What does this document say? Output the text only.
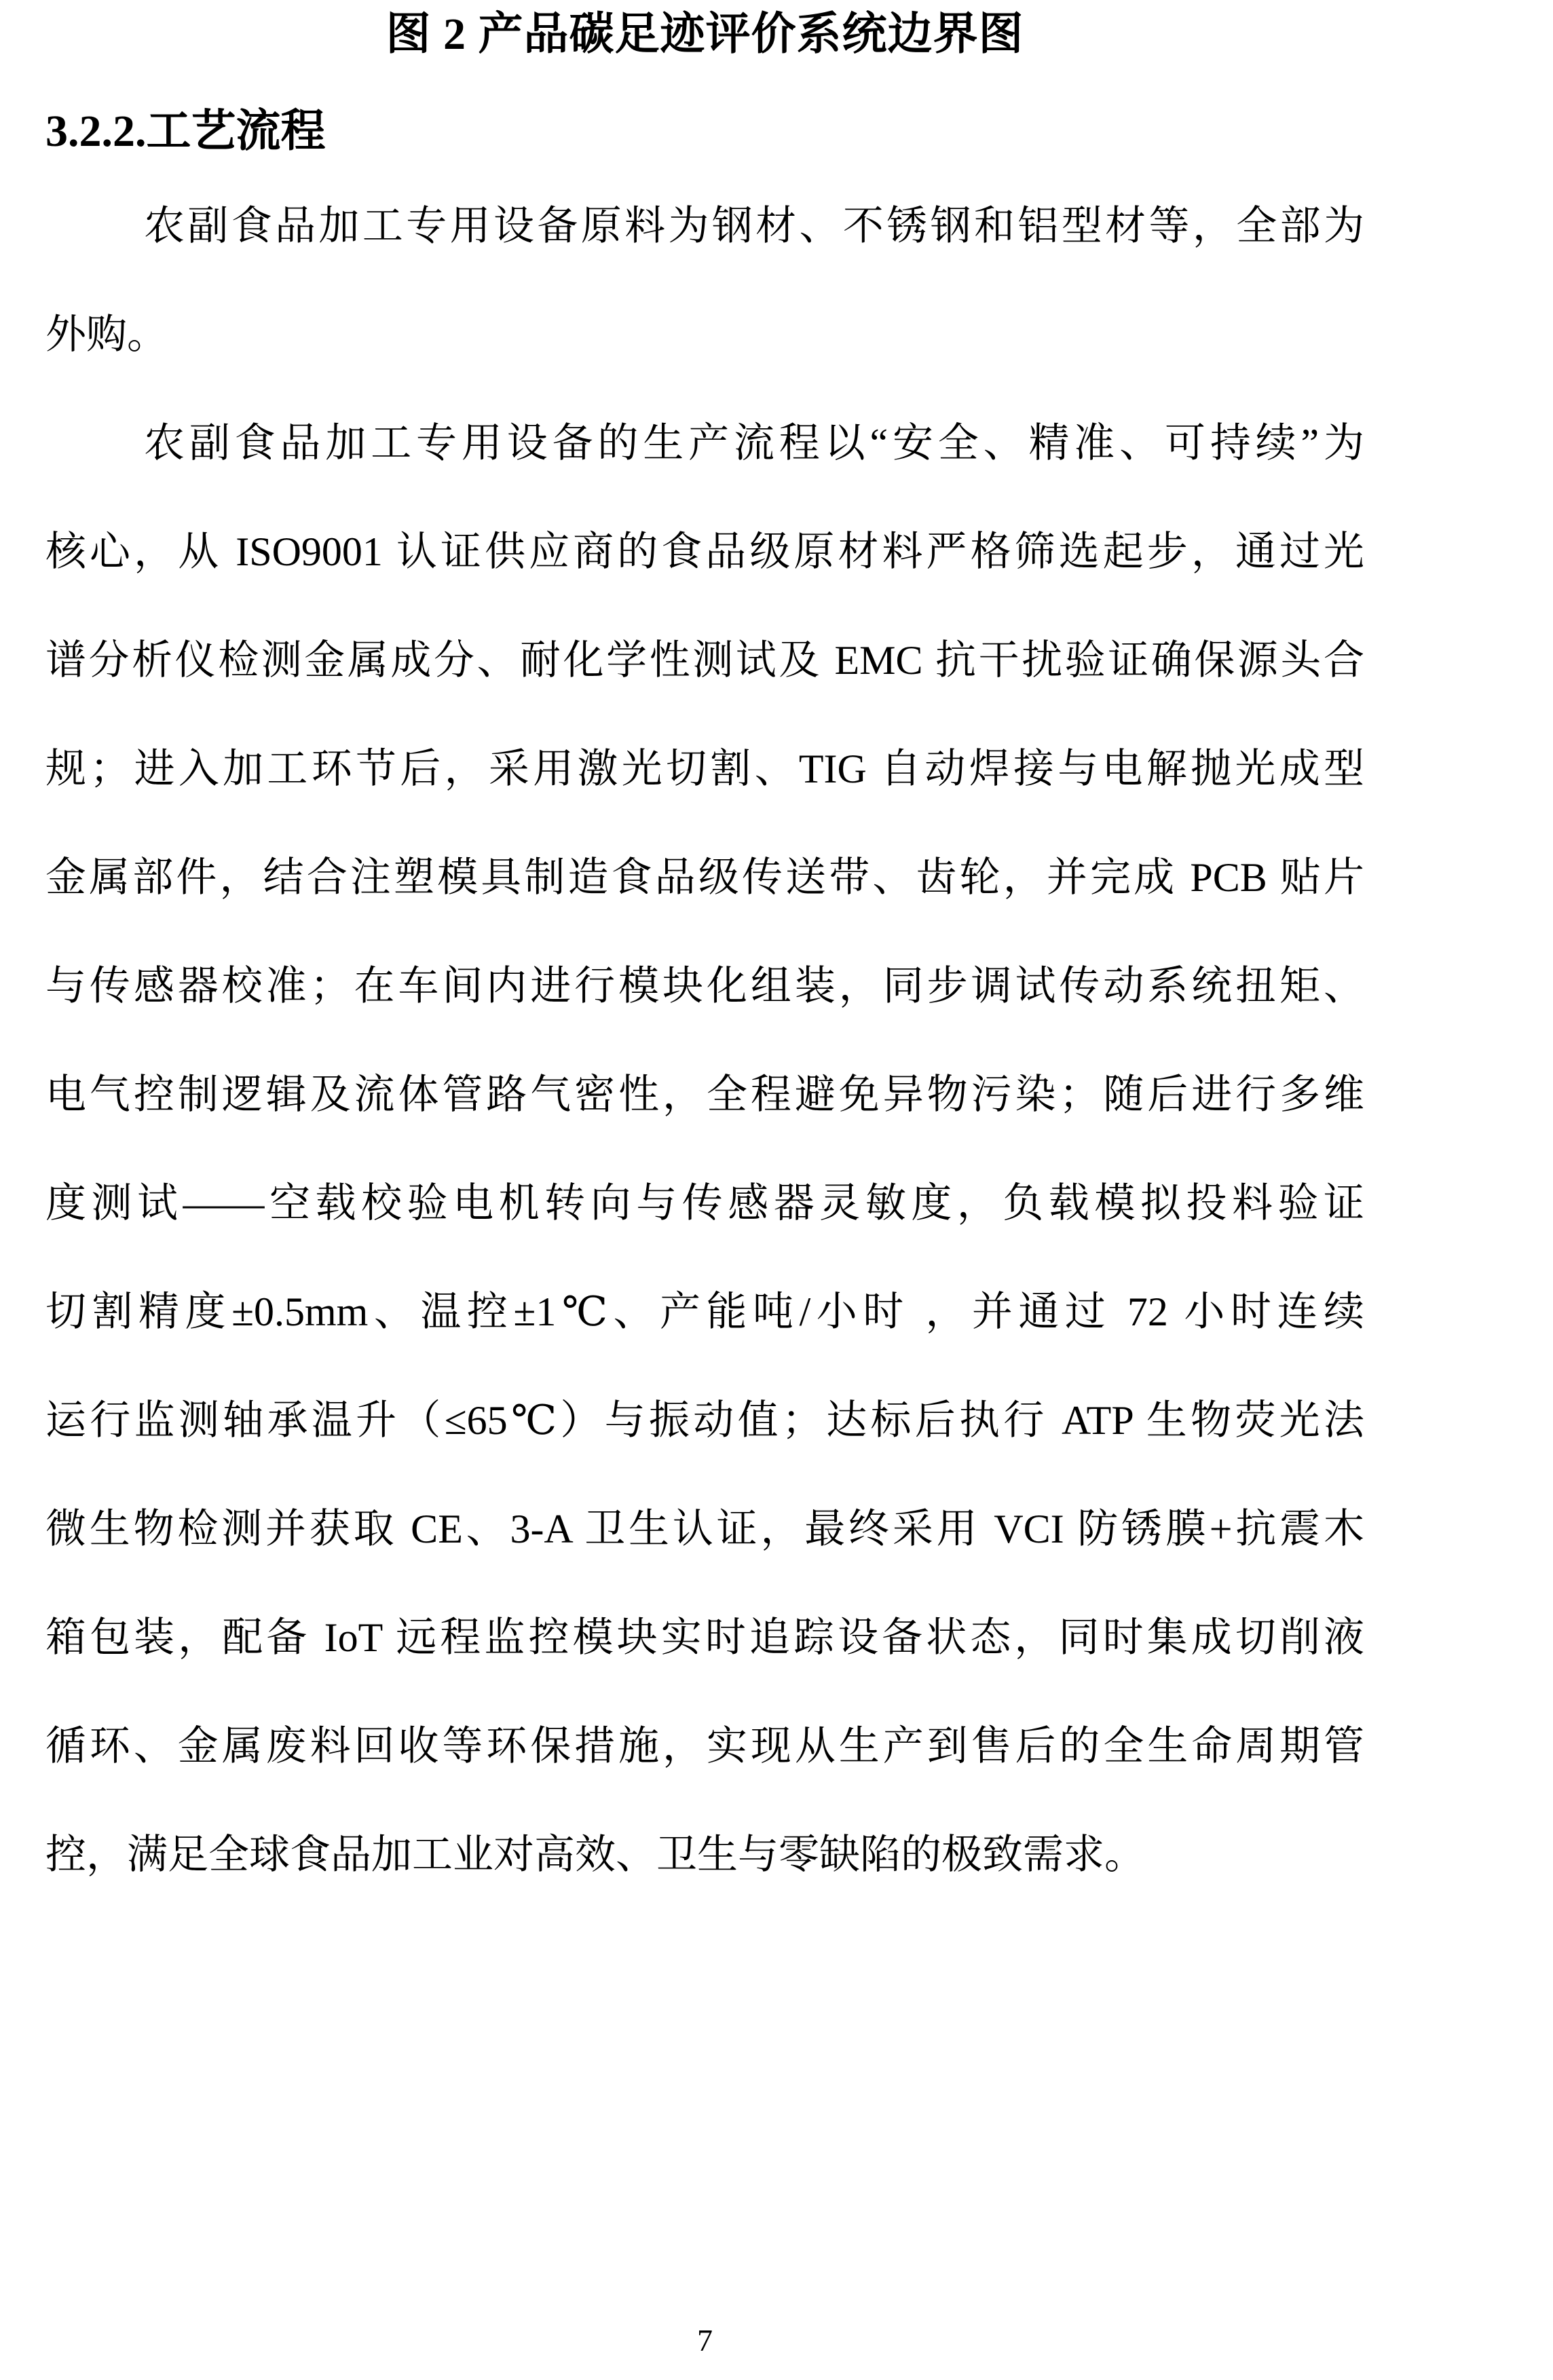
图 2 产品碳足迹评价系统边界图
3.2.2.工艺流程
农副食品加工专用设备原料为钢材、不锈钢和铝型材等，全部为
外购。
农副食品加工专用设备的生产流程以“安全、精准、可持续”为
核心，从 ISO9001 认证供应商的食品级原材料严格筛选起步，通过光
谱分析仪检测金属成分、耐化学性测试及 EMC 抗干扰验证确保源头合
规；进入加工环节后，采用激光切割、TIG 自动焊接与电解抛光成型
金属部件，结合注塑模具制造食品级传送带、齿轮，并完成 PCB 贴片
与传感器校准；在车间内进行模块化组装，同步调试传动系统扭矩、
电气控制逻辑及流体管路气密性，全程避免异物污染；随后进行多维
度测试——空载校验电机转向与传感器灵敏度，负载模拟投料验证
切割精度±0.5mm、温控±1℃、产能吨/小时 ，并通过 72 小时连续
运行监测轴承温升（≤65℃）与振动值；达标后执行 ATP 生物荧光法
微生物检测并获取 CE、3-A 卫生认证，最终采用 VCI 防锈膜+抗震木
箱包装，配备 IoT 远程监控模块实时追踪设备状态，同时集成切削液
循环、金属废料回收等环保措施，实现从生产到售后的全生命周期管
控，满足全球食品加工业对高效、卫生与零缺陷的极致需求。
7
